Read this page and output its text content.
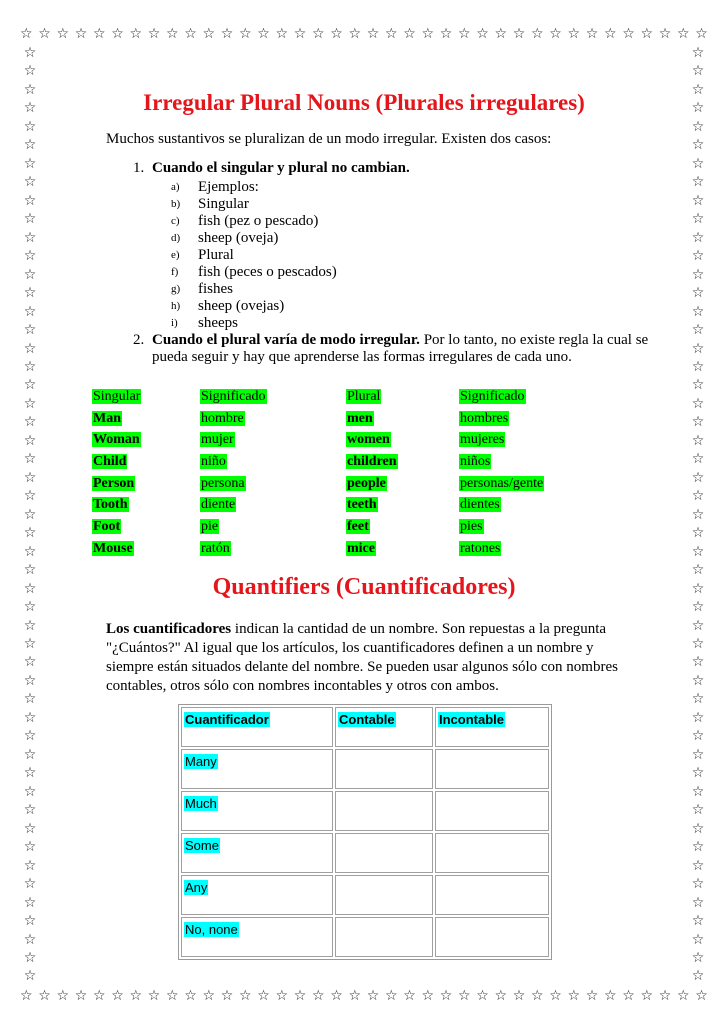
☆ ☆ ☆ ☆ ☆ ☆ ☆ ☆ ☆ ☆ ☆ ☆ ☆ ☆ ☆ ☆ ☆ ☆ ☆ ☆ ☆ ☆ ☆ ☆ ☆ ☆ ☆ ☆ ☆ ☆ ☆ ☆ ☆ ☆ ☆ ☆ ☆ ☆
☆ ☆ ☆ ☆ ☆ ☆ ☆ ☆ ☆ ☆ ☆ ☆ ☆ ☆ ☆ ☆ ☆ ☆ ☆ ☆ ☆ ☆ ☆ ☆ ☆ ☆ ☆ ☆ ☆ ☆ ☆ ☆ ☆ ☆ ☆ ☆ ☆ ☆
☆
☆
☆
☆
☆
☆
☆
☆
☆
☆
☆
☆
☆
☆
☆
☆
☆
☆
☆
☆
☆
☆
☆
☆
☆
☆
☆
☆
☆
☆
☆
☆
☆
☆
☆
☆
☆
☆
☆
☆
☆
☆
☆
☆
☆
☆
☆
☆
☆
☆
☆
☆
☆
☆
☆
☆
☆
☆
☆
☆
☆
☆
☆
☆
☆
☆
☆
☆
☆
☆
☆
☆
☆
☆
☆
☆
☆
☆
☆
☆
☆
☆
☆
☆
☆
☆
☆
☆
☆
☆
☆
☆
☆
☆
☆
☆
☆
☆
☆
☆
☆
☆
Irregular Plural Nouns (Plurales irregulares)
Muchos sustantivos se pluralizan de un modo irregular. Existen dos casos:
1. Cuando el singular y plural no cambian.
a) Ejemplos:
b) Singular
c) fish (pez o pescado)
d) sheep (oveja)
e) Plural
f) fish (peces o pescados)
g) fishes
h) sheep (ovejas)
i) sheeps
2. Cuando el plural varía de modo irregular. Por lo tanto, no existe regla la cual se pueda seguir y hay que aprenderse las formas irregulares de cada uno.
Singular	Significado	Plural	Significado
Man	hombre	men	hombres
Woman	mujer	women	mujeres
Child	niño	children	niños
Person	persona	people	personas/gente
Tooth	diente	teeth	dientes
Foot	pie	feet	pies
Mouse	ratón	mice	ratones
Quantifiers (Cuantificadores)
Los cuantificadores indican la cantidad de un nombre. Son repuestas a la pregunta "¿Cuántos?" Al igual que los artículos, los cuantificadores definen a un nombre y siempre están situados delante del nombre. Se pueden usar algunos sólo con nombres contables, otros sólo con nombres incontables y otros con ambos.
Cuantificador	Contable	Incontable
Many		
Much		
Some		
Any		
No, none		
